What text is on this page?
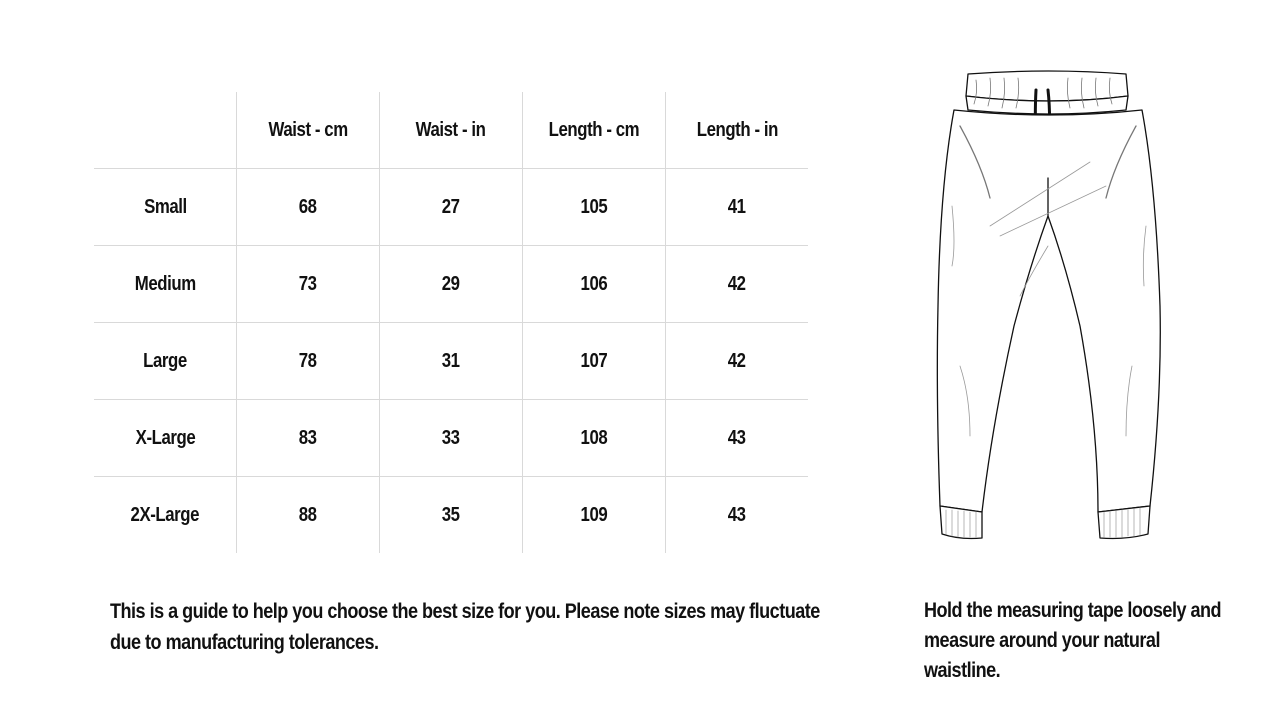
	Waist - cm	Waist - in	Length - cm	Length - in
Small	68	27	105	41
Medium	73	29	106	42
Large	78	31	107	42
X-Large	83	33	108	43
2X-Large	88	35	109	43
This is a guide to help you choose the best size for you. Please note sizes may fluctuate due to manufacturing tolerances.
Hold the measuring tape loosely and measure around your natural waistline.
